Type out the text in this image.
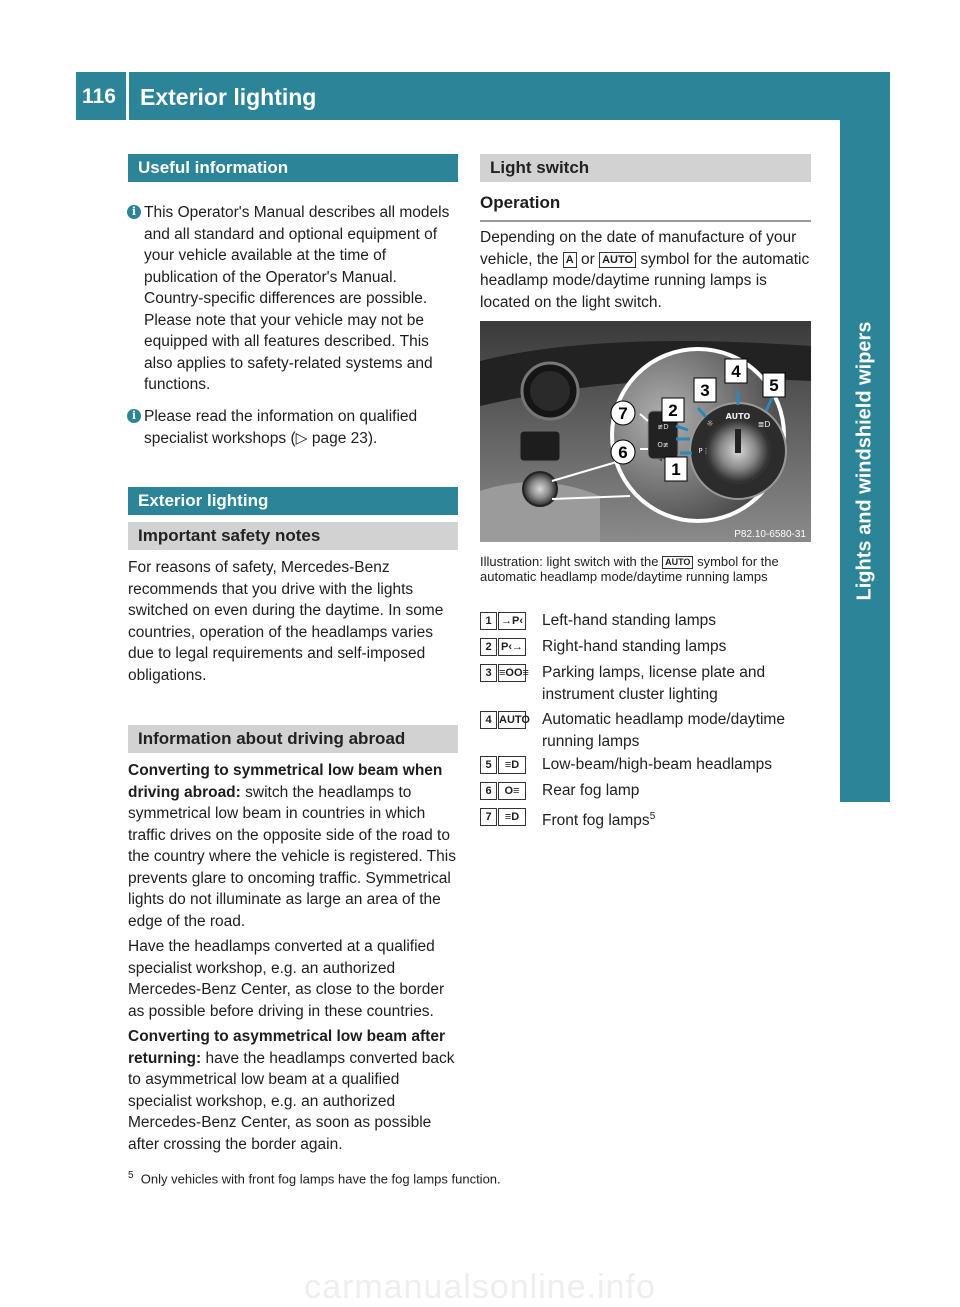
116 Exterior lighting
Lights and windshield wipers
Useful information
i This Operator's Manual describes all models and all standard and optional equipment of your vehicle available at the time of publication of the Operator's Manual. Country-specific differences are possible. Please note that your vehicle may not be equipped with all features described. This also applies to safety-related systems and functions.
i Please read the information on qualified specialist workshops (▷ page 23).
Exterior lighting
Important safety notes
For reasons of safety, Mercedes-Benz recommends that you drive with the lights switched on even during the daytime. In some countries, operation of the headlamps varies due to legal requirements and self-imposed obligations.
Information about driving abroad

Converting to symmetrical low beam when driving abroad: switch the headlamps to symmetrical low beam in countries in which traffic drives on the opposite side of the road to the country where the vehicle is registered. This prevents glare to oncoming traffic. Symmetrical lights do not illuminate as large an area of the edge of the road.

Have the headlamps converted at a qualified specialist workshop, e.g. an authorized Mercedes-Benz Center, as close to the border as possible before driving in these countries.

Converting to asymmetrical low beam after returning: have the headlamps converted back to asymmetrical low beam at a qualified specialist workshop, e.g. an authorized Mercedes-Benz Center, as soon as possible after crossing the border again.

Light switch
Operation
Depending on the date of manufacture of your vehicle, the A or AUTO symbol for the automatic headlamp mode/daytime running lamps is located on the light switch.
≢D
O≢
AUTO
☼	≣D
P⋮
1
2
3
4
5
6
7
P82.10-6580-31
Illustration: light switch with the AUTO symbol for the automatic headlamp mode/daytime running lamps
1 →P‹	Left-hand standing lamps
2 P‹→	Right-hand standing lamps
3 ≡OO≡ Parking lamps, license plate and instrument cluster lighting
4 AUTO Automatic headlamp mode/daytime running lamps
5	≡D	Low-beam/high-beam headlamps
6	O≡	Rear fog lamp
7	≡D	Front fog lamps$^5$
$^5$ Only vehicles with front fog lamps have the fog lamps function.
carmanualsonline.info
